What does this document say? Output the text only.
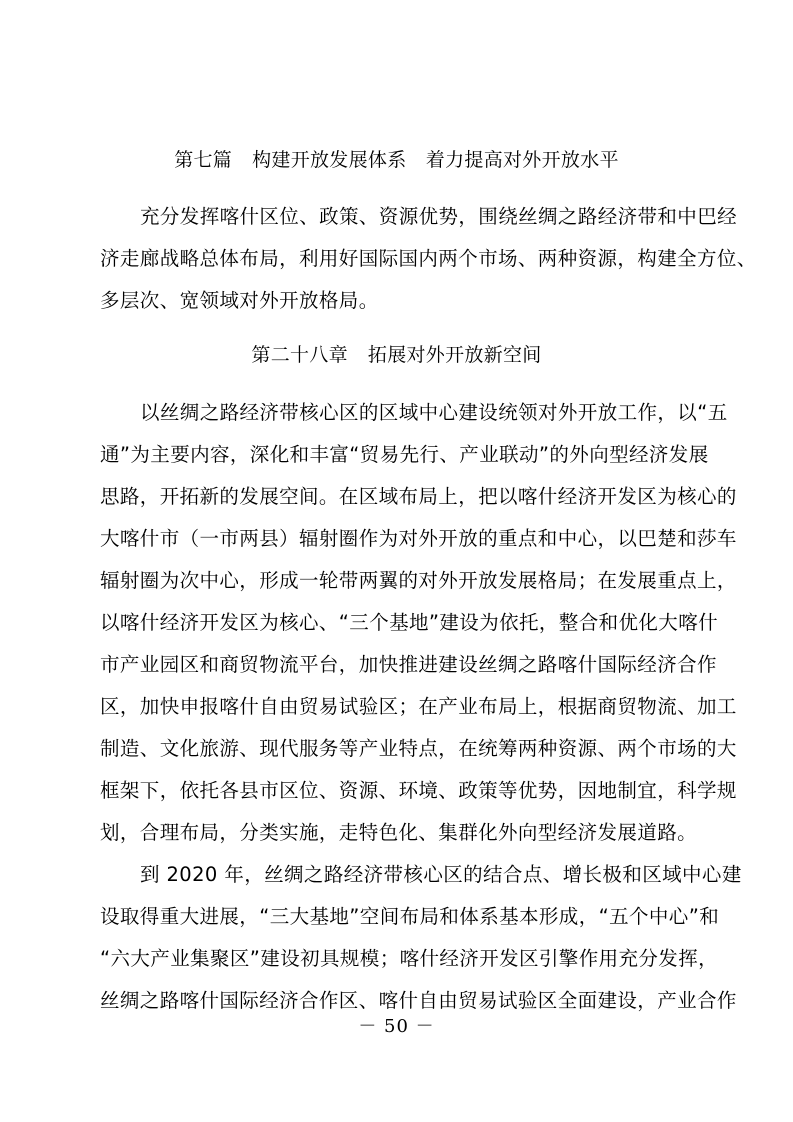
第七篇 构建开放发展体系　着力提高对外开放水平
充分发挥喀什区位、政策、资源优势，围绕丝绸之路经济带和中巴经
济走廊战略总体布局，利用好国际国内两个市场、两种资源，构建全方位、
多层次、宽领域对外开放格局。
第二十八章 拓展对外开放新空间
以丝绸之路经济带核心区的区域中心建设统领对外开放工作，以“五
通”为主要内容，深化和丰富“贸易先行、产业联动”的外向型经济发展
思路，开拓新的发展空间。在区域布局上，把以喀什经济开发区为核心的
大喀什市（一市两县）辐射圈作为对外开放的重点和中心，以巴楚和莎车
辐射圈为次中心，形成一轮带两翼的对外开放发展格局；在发展重点上，
以喀什经济开发区为核心、“三个基地”建设为依托，整合和优化大喀什
市产业园区和商贸物流平台，加快推进建设丝绸之路喀什国际经济合作
区，加快申报喀什自由贸易试验区；在产业布局上，根据商贸物流、加工
制造、文化旅游、现代服务等产业特点，在统筹两种资源、两个市场的大
框架下，依托各县市区位、资源、环境、政策等优势，因地制宜，科学规
划，合理布局，分类实施，走特色化、集群化外向型经济发展道路。
到 2020 年，丝绸之路经济带核心区的结合点、增长极和区域中心建
设取得重大进展，“三大基地”空间布局和体系基本形成，“五个中心”和
“六大产业集聚区”建设初具规模；喀什经济开发区引擎作用充分发挥，
丝绸之路喀什国际经济合作区、喀什自由贸易试验区全面建设，产业合作
－ 50 －
